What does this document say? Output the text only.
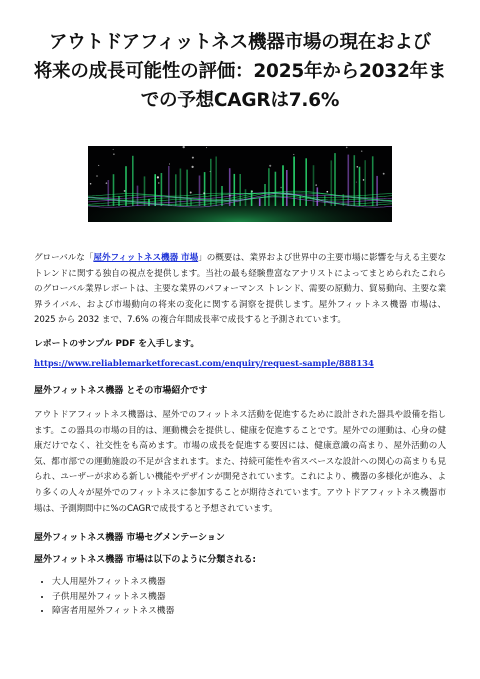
アウトドアフィットネス機器市場の現在および
将来の成長可能性の評価：2025年から2032年ま
での予想CAGRは7.6%

グローバルな「屋外フィットネス機器 市場」の概要は、業界および世界中の主要市場に影響を与える主要なトレンドに関する独自の視点を提供します。当社の最も経験豊富なアナリストによってまとめられたこれらのグローバル業界レポートは、主要な業界のパフォーマンス トレンド、需要の原動力、貿易動向、主要な業界ライバル、および市場動向の将来の変化に関する洞察を提供します。屋外フィットネス機器 市場は、2025 から 2032 まで、7.6% の複合年間成長率で成長すると予測されています。

レポートのサンプル PDF を入手します。
https://www.reliablemarketforecast.com/enquiry/request-sample/888134
屋外フィットネス機器 とその市場紹介です

アウトドアフィットネス機器は、屋外でのフィットネス活動を促進するために設計された器具や設備を指します。この器具の市場の目的は、運動機会を提供し、健康を促進することです。屋外での運動は、心身の健康だけでなく、社交性をも高めます。市場の成長を促進する要因には、健康意識の高まり、屋外活動の人気、都市部での運動施設の不足が含まれます。また、持続可能性や省スペースな設計への関心の高まりも見られ、ユーザーが求める新しい機能やデザインが開発されています。これにより、機器の多様化が進み、より多くの人々が屋外でのフィットネスに参加することが期待されています。アウトドアフィットネス機器市場は、予測期間中に%のCAGRで成長すると予想されています。

屋外フィットネス機器 市場セグメンテーション
屋外フィットネス機器 市場は以下のように分類される:
• 大人用屋外フィットネス機器
• 子供用屋外フィットネス機器
• 障害者用屋外フィットネス機器
